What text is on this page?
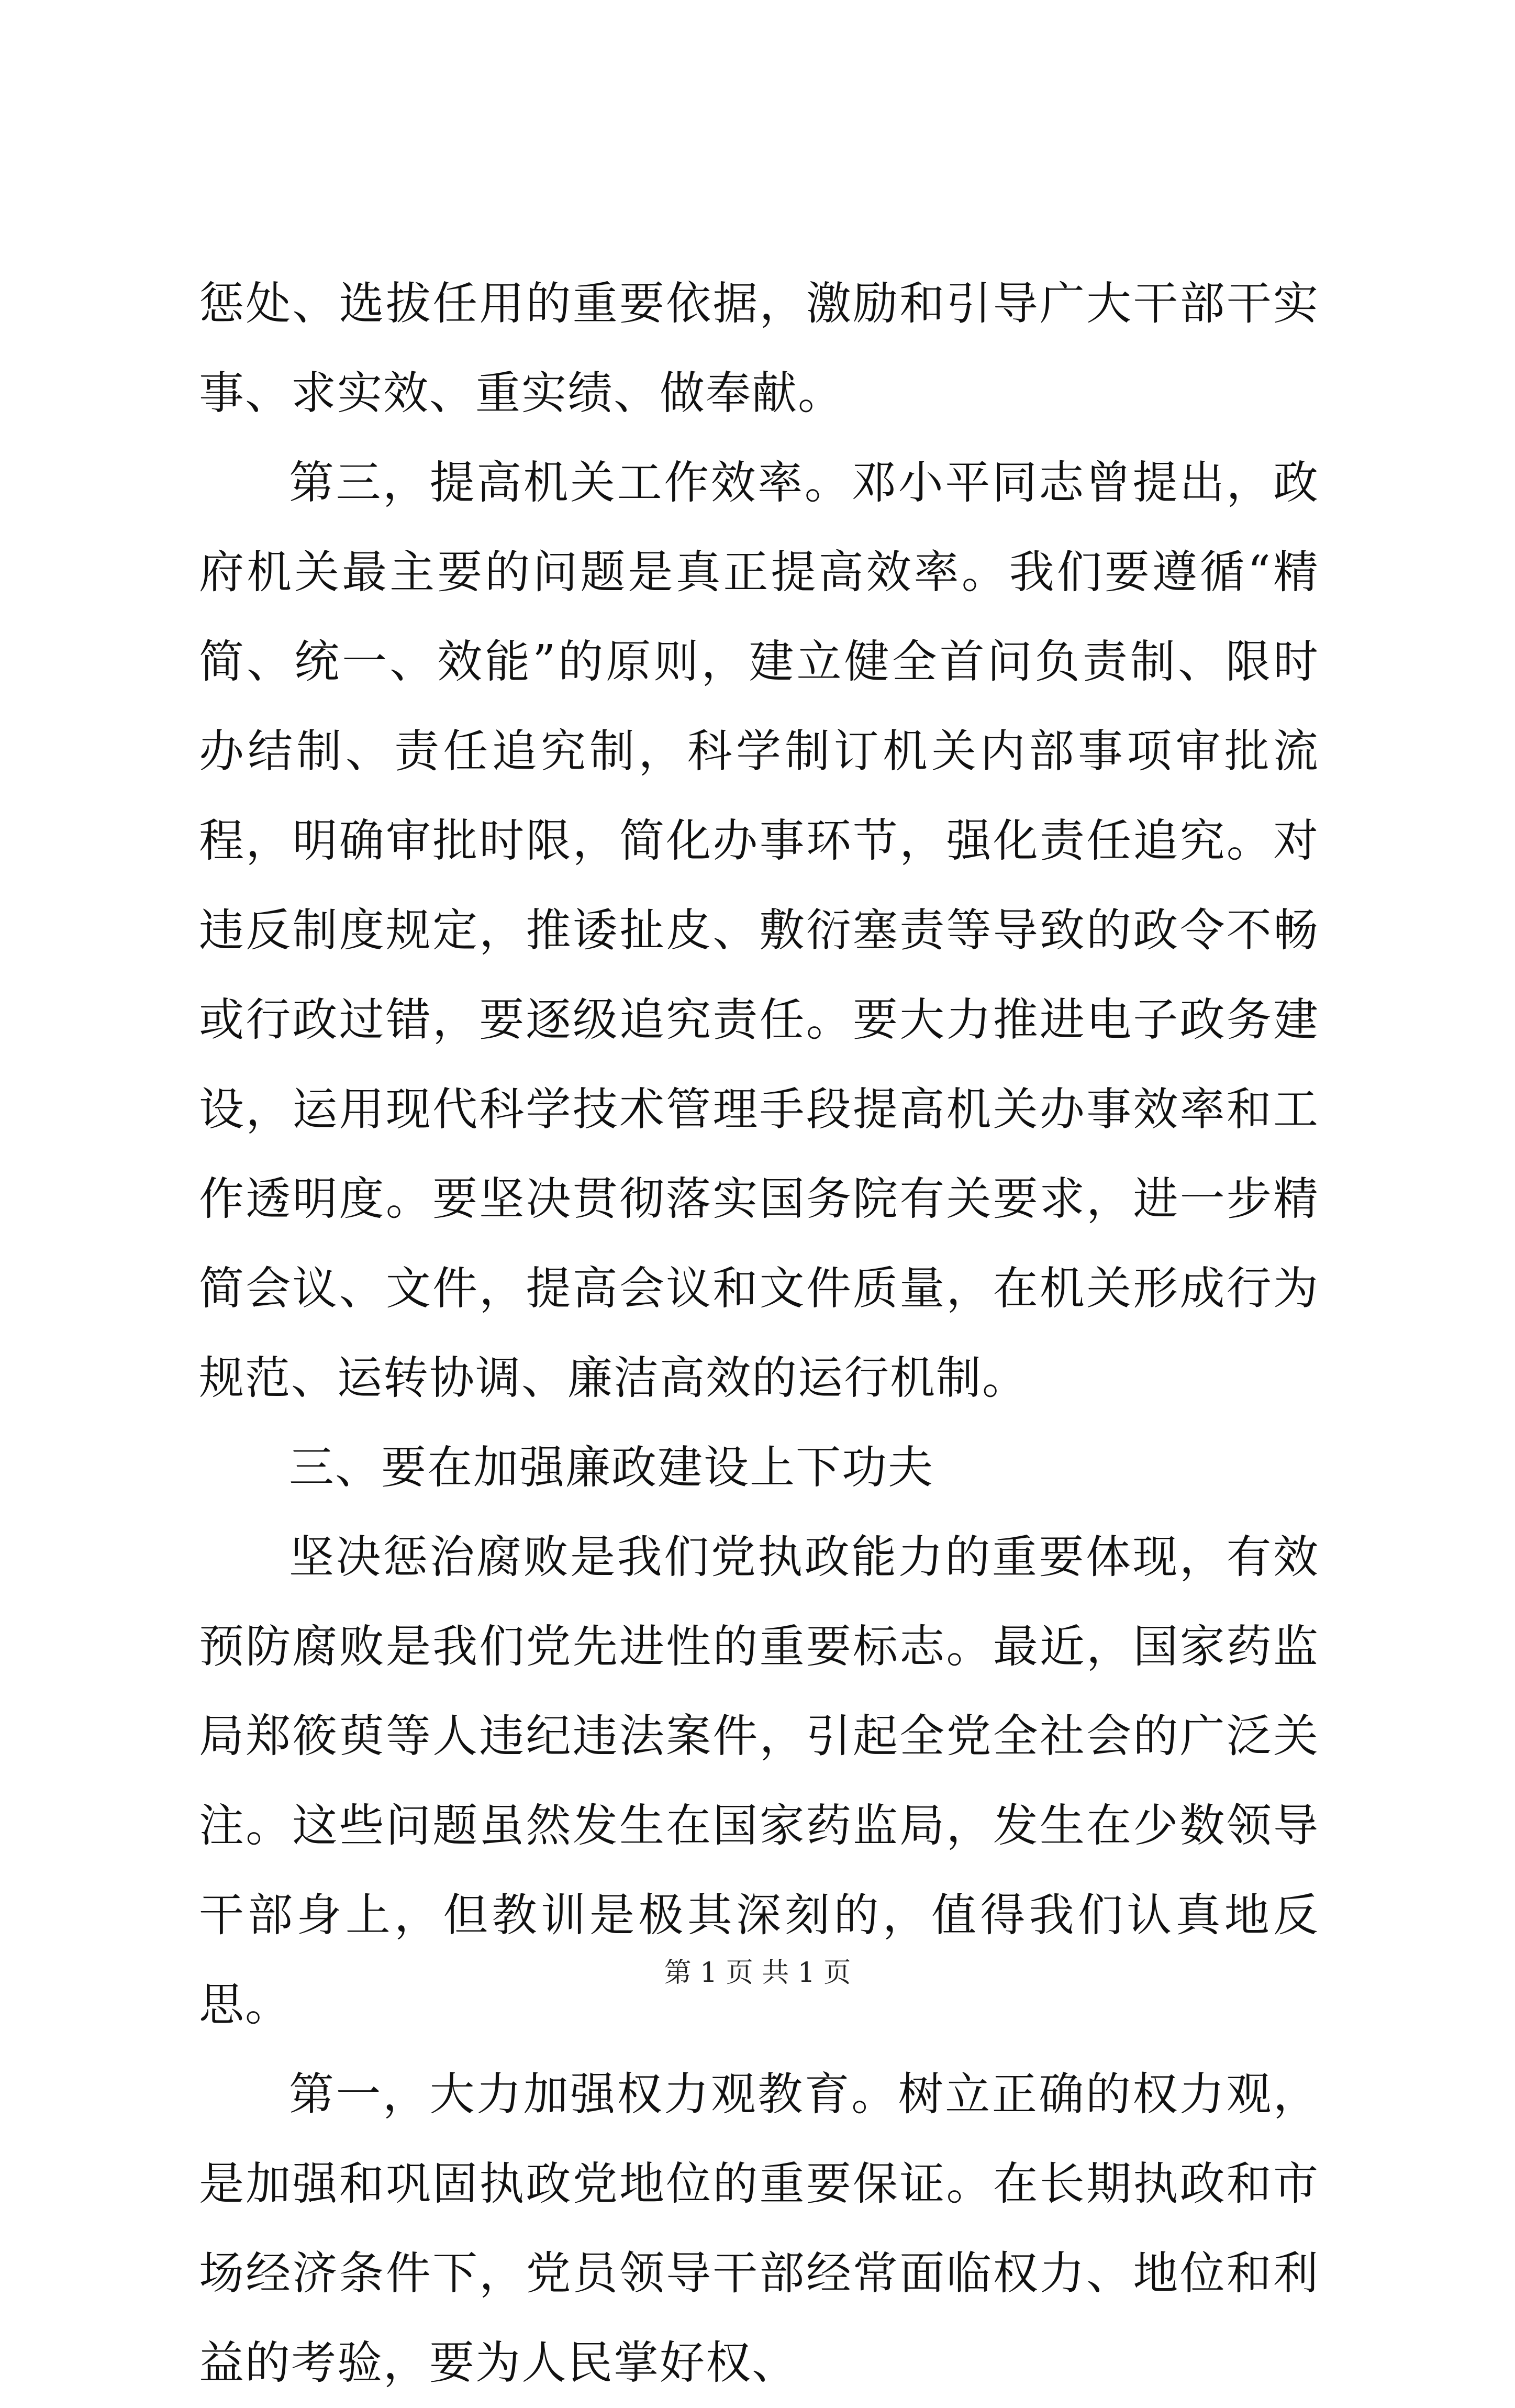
惩处、选拔任用的重要依据，激励和引导广大干部干实事、求实效、重实绩、做奉献。

第三，提高机关工作效率。邓小平同志曾提出，政府机关最主要的问题是真正提高效率。我们要遵循“精简、统一、效能”的原则，建立健全首问负责制、限时办结制、责任追究制，科学制订机关内部事项审批流程，明确审批时限，简化办事环节，强化责任追究。对违反制度规定，推诿扯皮、敷衍塞责等导致的政令不畅或行政过错，要逐级追究责任。要大力推进电子政务建设，运用现代科学技术管理手段提高机关办事效率和工作透明度。要坚决贯彻落实国务院有关要求，进一步精简会议、文件，提高会议和文件质量，在机关形成行为规范、运转协调、廉洁高效的运行机制。

三、要在加强廉政建设上下功夫

坚决惩治腐败是我们党执政能力的重要体现，有效预防腐败是我们党先进性的重要标志。最近，国家药监局郑筱萸等人违纪违法案件，引起全党全社会的广泛关注。这些问题虽然发生在国家药监局，发生在少数领导干部身上，但教训是极其深刻的，值得我们认真地反思。

第一，大力加强权力观教育。树立正确的权力观，是加强和巩固执政党地位的重要保证。在长期执政和市场经济条件下，党员领导干部经常面临权力、地位和利益的考验，要为人民掌好权、

第 1 页 共 1 页
